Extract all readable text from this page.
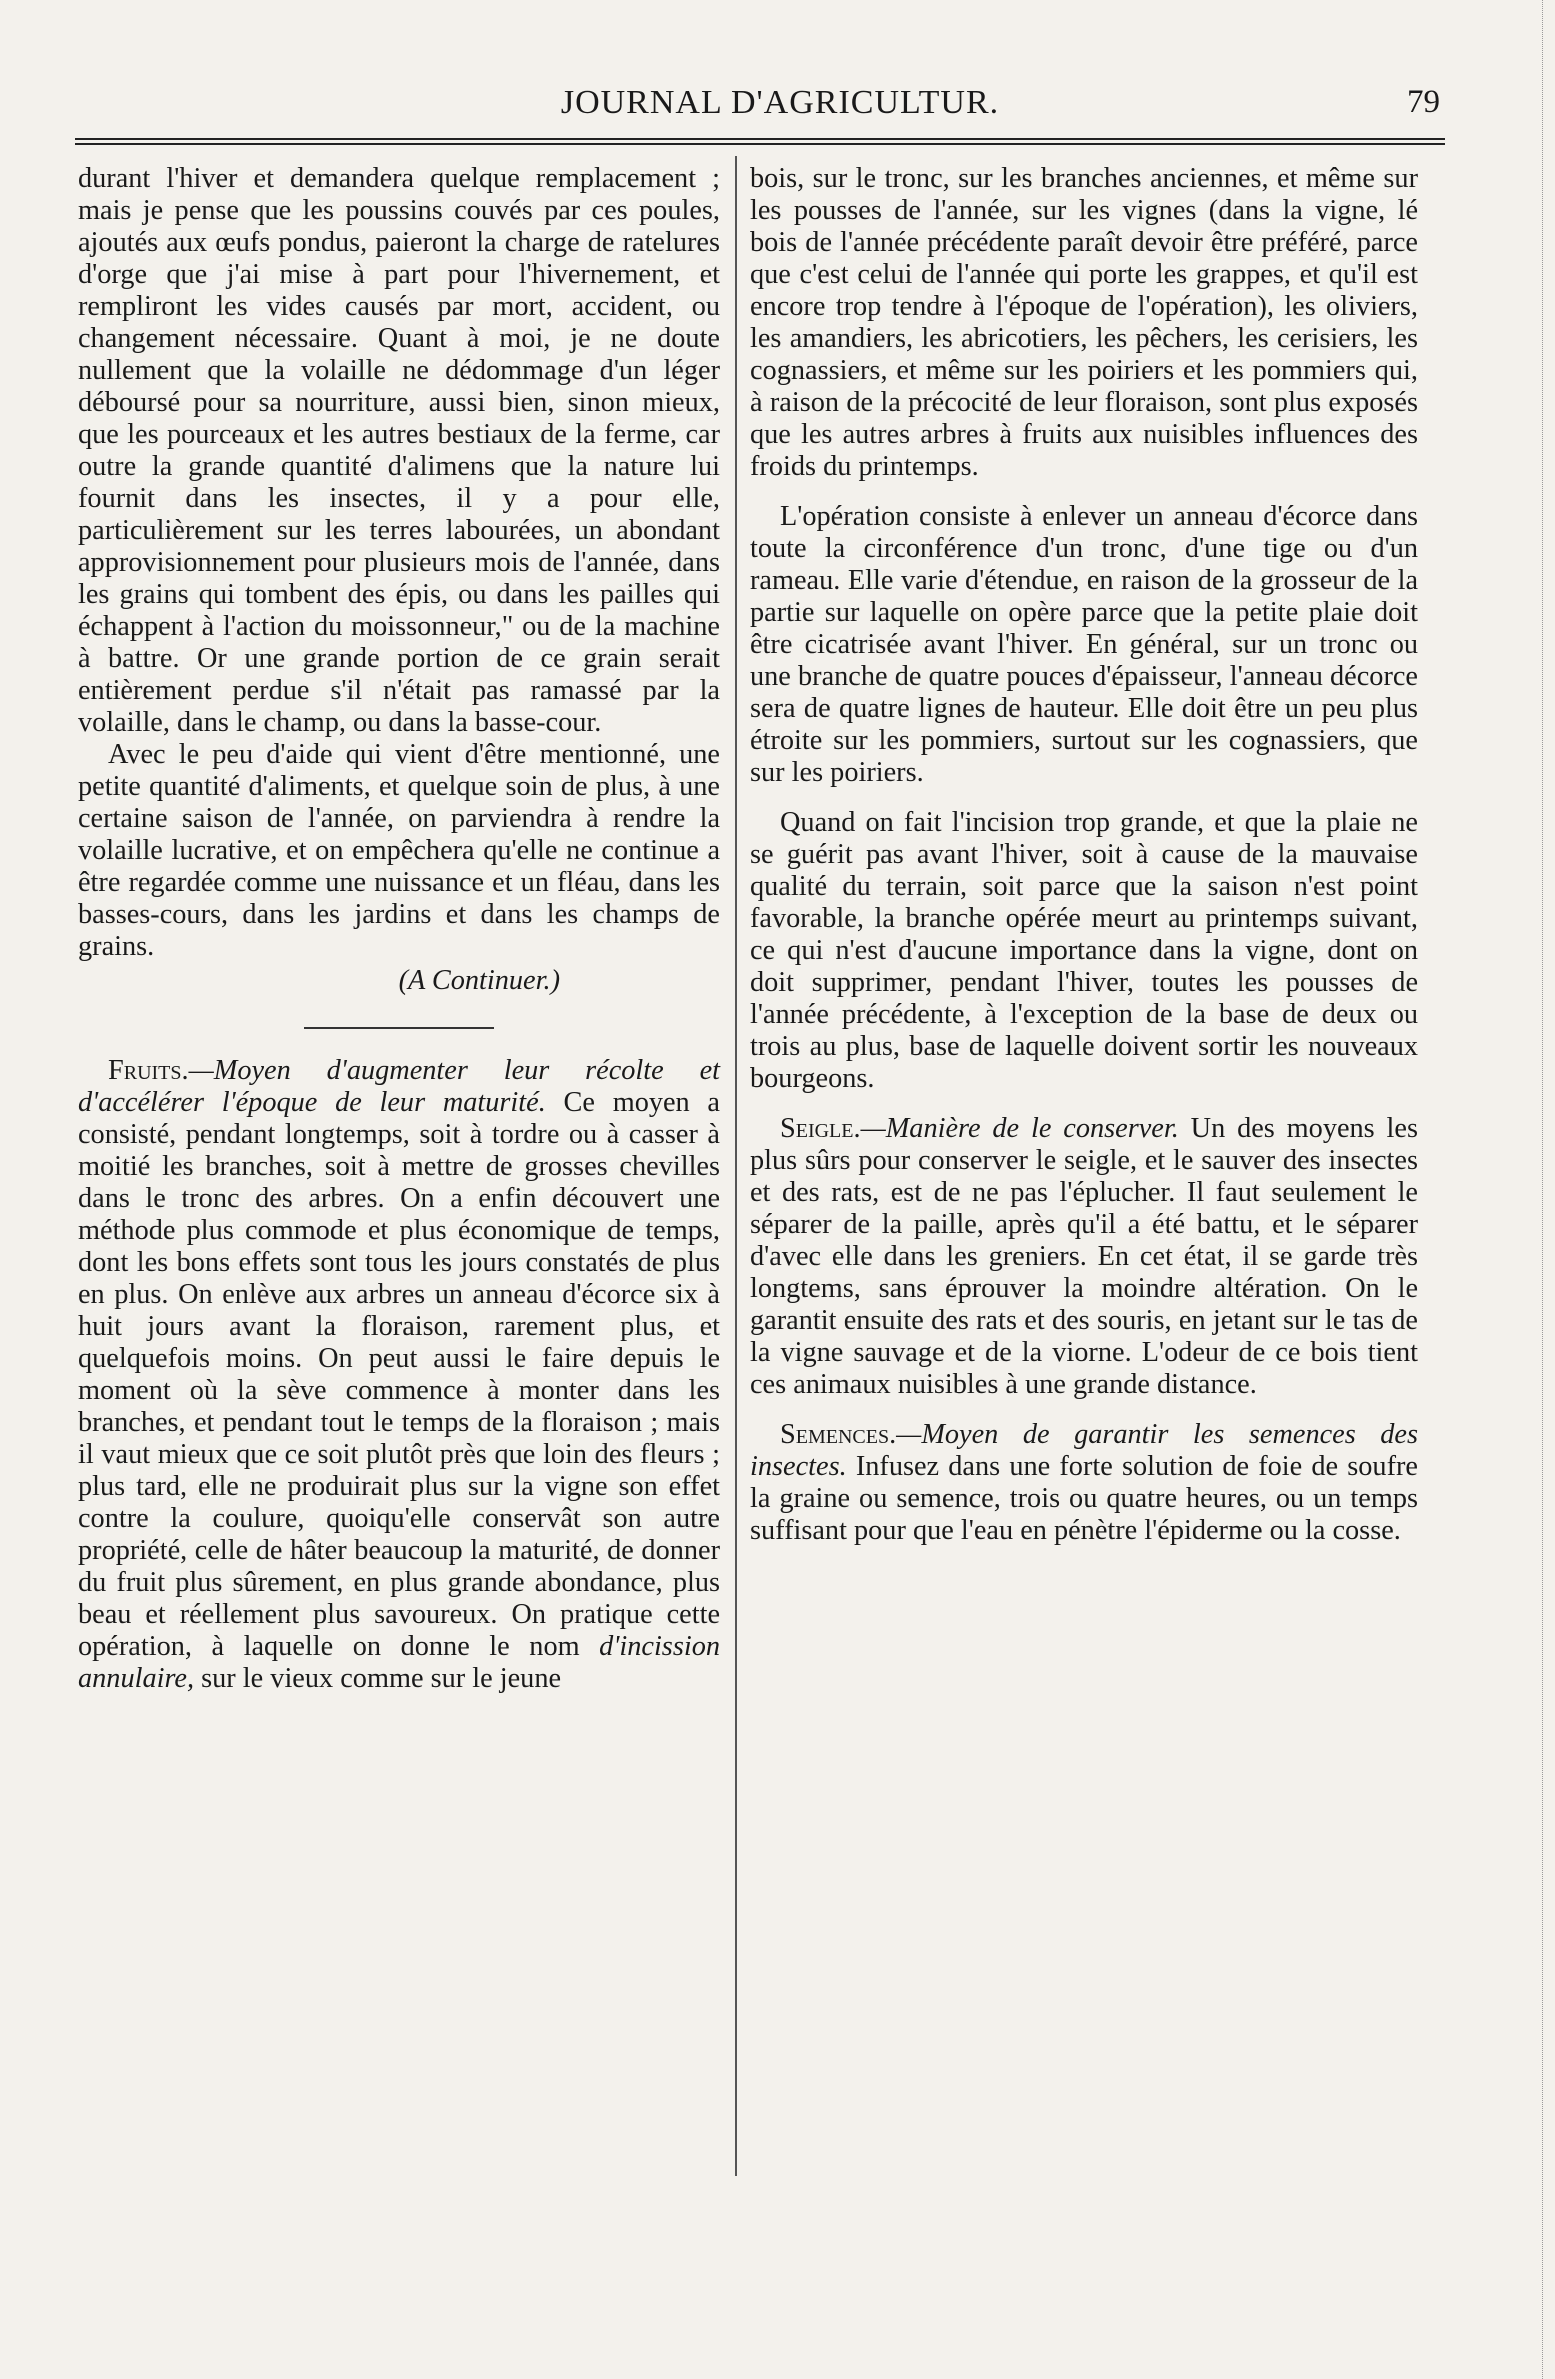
JOURNAL D'AGRICULTUR.	79

durant l'hiver et demandera quelque remplacement ; mais je pense que les poussins couvés par ces poules, ajoutés aux œufs pondus, paieront la charge de ratelures d'orge que j'ai mise à part pour l'hivernement, et rempliront les vides causés par mort, accident, ou changement nécessaire. Quant à moi, je ne doute nullement que la volaille ne dédommage d'un léger déboursé pour sa nourriture, aussi bien, sinon mieux, que les pourceaux et les autres bestiaux de la ferme, car outre la grande quantité d'alimens que la nature lui fournit dans les insectes, il y a pour elle, particulièrement sur les terres labourées, un abondant approvisionnement pour plusieurs mois de l'année, dans les grains qui tombent des épis, ou dans les pailles qui échappent à l'action du moissonneur," ou de la machine à battre. Or une grande portion de ce grain serait entièrement perdue s'il n'était pas ramassé par la volaille, dans le champ, ou dans la basse-cour.

Avec le peu d'aide qui vient d'être mentionné, une petite quantité d'aliments, et quelque soin de plus, à une certaine saison de l'année, on parviendra à rendre la volaille lucrative, et on empêchera qu'elle ne continue a être regardée comme une nuissance et un fléau, dans les basses-cours, dans les jardins et dans les champs de grains.

(A Continuer.)

Fruits.—Moyen d'augmenter leur récolte et d'accélérer l'époque de leur maturité. Ce moyen a consisté, pendant longtemps, soit à tordre ou à casser à moitié les branches, soit à mettre de grosses chevilles dans le tronc des arbres. On a enfin découvert une méthode plus commode et plus économique de temps, dont les bons effets sont tous les jours constatés de plus en plus. On enlève aux arbres un anneau d'écorce six à huit jours avant la floraison, rarement plus, et quelquefois moins. On peut aussi le faire depuis le moment où la sève commence à monter dans les branches, et pendant tout le temps de la floraison ; mais il vaut mieux que ce soit plutôt près que loin des fleurs ; plus tard, elle ne produirait plus sur la vigne son effet contre la coulure, quoiqu'elle conservât son autre propriété, celle de hâter beaucoup la maturité, de donner du fruit plus sûrement, en plus grande abondance, plus beau et réellement plus savoureux. On pratique cette opération, à laquelle on donne le nom d'incission annulaire, sur le vieux comme sur le jeune

bois, sur le tronc, sur les branches anciennes, et même sur les pousses de l'année, sur les vignes (dans la vigne, lé bois de l'année précédente paraît devoir être préféré, parce que c'est celui de l'année qui porte les grappes, et qu'il est encore trop tendre à l'époque de l'opération), les oliviers, les amandiers, les abricotiers, les pêchers, les cerisiers, les cognassiers, et même sur les poiriers et les pommiers qui, à raison de la précocité de leur floraison, sont plus exposés que les autres arbres à fruits aux nuisibles influences des froids du printemps.

L'opération consiste à enlever un anneau d'écorce dans toute la circonférence d'un tronc, d'une tige ou d'un rameau. Elle varie d'étendue, en raison de la grosseur de la partie sur laquelle on opère parce que la petite plaie doit être cicatrisée avant l'hiver. En général, sur un tronc ou une branche de quatre pouces d'épaisseur, l'anneau décorce sera de quatre lignes de hauteur. Elle doit être un peu plus étroite sur les pommiers, surtout sur les cognassiers, que sur les poiriers.

Quand on fait l'incision trop grande, et que la plaie ne se guérit pas avant l'hiver, soit à cause de la mauvaise qualité du terrain, soit parce que la saison n'est point favorable, la branche opérée meurt au printemps suivant, ce qui n'est d'aucune importance dans la vigne, dont on doit supprimer, pendant l'hiver, toutes les pousses de l'année précédente, à l'exception de la base de deux ou trois au plus, base de laquelle doivent sortir les nouveaux bourgeons.

Seigle.—Manière de le conserver. Un des moyens les plus sûrs pour conserver le seigle, et le sauver des insectes et des rats, est de ne pas l'éplucher. Il faut seulement le séparer de la paille, après qu'il a été battu, et le séparer d'avec elle dans les greniers. En cet état, il se garde très longtems, sans éprouver la moindre altération. On le garantit ensuite des rats et des souris, en jetant sur le tas de la vigne sauvage et de la viorne. L'odeur de ce bois tient ces animaux nuisibles à une grande distance.

Semences.—Moyen de garantir les semences des insectes. Infusez dans une forte solution de foie de soufre la graine ou semence, trois ou quatre heures, ou un temps suffisant pour que l'eau en pénètre l'épiderme ou la cosse.
